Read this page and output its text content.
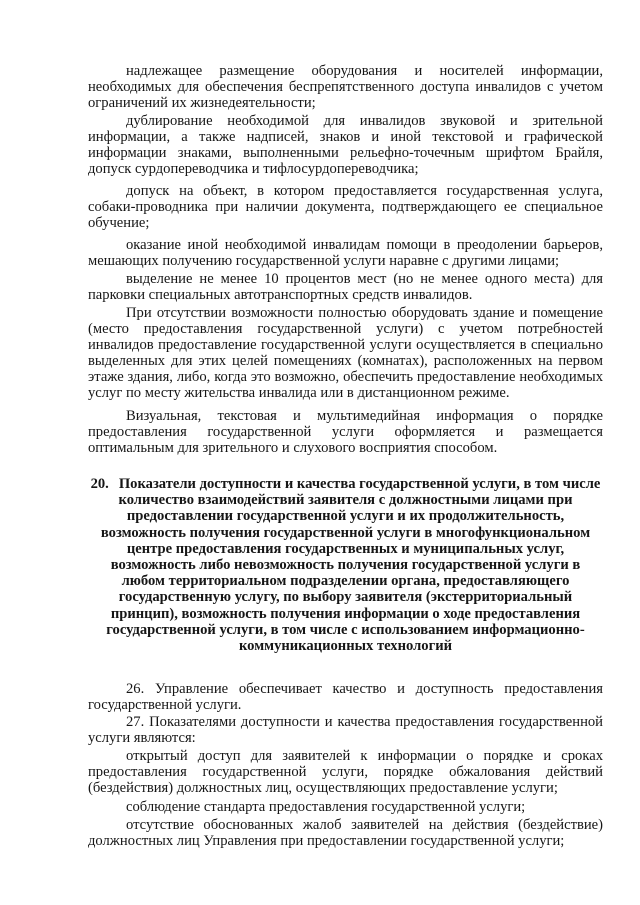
надлежащее размещение оборудования и носителей информации, необходимых для обеспечения беспрепятственного доступа инвалидов с учетом ограничений их жизнедеятельности;

дублирование необходимой для инвалидов звуковой и зрительной информации, а также надписей, знаков и иной текстовой и графической информации знаками, выполненными рельефно-точечным шрифтом Брайля, допуск сурдопереводчика и тифлосурдопереводчика;

допуск на объект, в котором предоставляется государственная услуга, собаки-проводника при наличии документа, подтверждающего ее специальное обучение;

оказание иной необходимой инвалидам помощи в преодолении барьеров, мешающих получению государственной услуги наравне с другими лицами;

выделение не менее 10 процентов мест (но не менее одного места) для парковки специальных автотранспортных средств инвалидов.

При отсутствии возможности полностью оборудовать здание и помещение (место предоставления государственной услуги) с учетом потребностей инвалидов предоставление государственной услуги осуществляется в специально выделенных для этих целей помещениях (комнатах), расположенных на первом этаже здания, либо, когда это возможно, обеспечить предоставление необходимых услуг по месту жительства инвалида или в дистанционном режиме.

Визуальная, текстовая и мультимедийная информация о порядке предоставления государственной услуги оформляется и размещается оптимальным для зрительного и слухового восприятия способом.

20. Показатели доступности и качества государственной услуги, в том числе количество взаимодействий заявителя с должностными лицами при предоставлении государственной услуги и их продолжительность, возможность получения государственной услуги в многофункциональном центре предоставления государственных и муниципальных услуг, возможность либо невозможность получения государственной услуги в любом территориальном подразделении органа, предоставляющего государственную услугу, по выбору заявителя (экстерриториальный принцип), возможность получения информации о ходе предоставления государственной услуги, в том числе с использованием информационно-коммуникационных технологий

26. Управление обеспечивает качество и доступность предоставления государственной услуги.

27. Показателями доступности и качества предоставления государственной услуги являются:

открытый доступ для заявителей к информации о порядке и сроках предоставления государственной услуги, порядке обжалования действий (бездействия) должностных лиц, осуществляющих предоставление услуги;

соблюдение стандарта предоставления государственной услуги;

отсутствие обоснованных жалоб заявителей на действия (бездействие) должностных лиц Управления при предоставлении государственной услуги;
